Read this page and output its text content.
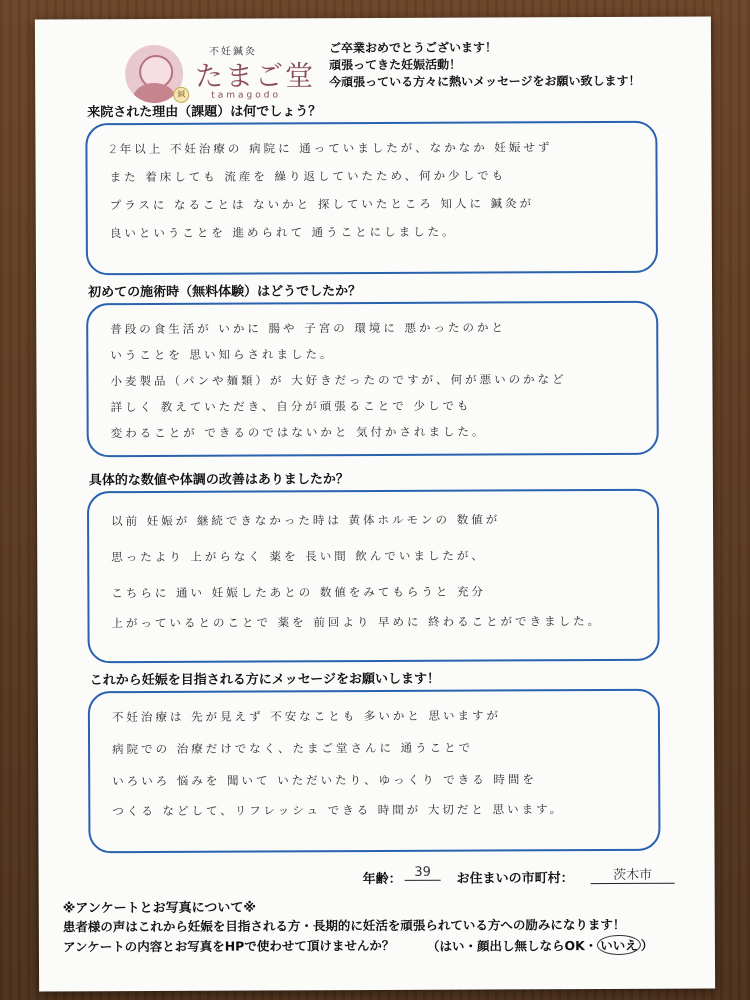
鍼
不妊鍼灸
たまご堂
tamagodo
ご卒業おめでとうございます！
頑張ってきた妊娠活動！
今頑張っている方々に熱いメッセージをお願い致します！
来院された理由（課題）は何でしょう？
2年以上 不妊治療の 病院に 通っていましたが、なかなか 妊娠せず
また 着床しても 流産を 繰り返していたため、何か少しでも
プラスに なることは ないかと 探していたところ 知人に 鍼灸が
良いということを 進められて 通うことにしました。
初めての施術時（無料体験）はどうでしたか？
普段の食生活が いかに 腸や 子宮の 環境に 悪かったのかと
いうことを 思い知らされました。
小麦製品（パンや麺類）が 大好きだったのですが、何が悪いのかなど
詳しく 教えていただき、自分が頑張ることで 少しでも
変わることが できるのではないかと 気付かされました。
具体的な数値や体調の改善はありましたか？
以前 妊娠が 継続できなかった時は 黄体ホルモンの 数値が
思ったより 上がらなく 薬を 長い間 飲んでいましたが、
こちらに 通い 妊娠したあとの 数値をみてもらうと 充分
上がっているとのことで 薬を 前回より 早めに 終わることができました。
これから妊娠を目指される方にメッセージをお願いします！
不妊治療は 先が見えず 不安なことも 多いかと 思いますが
病院での 治療だけでなく、たまご堂さんに 通うことで
いろいろ 悩みを 聞いて いただいたり、ゆっくり できる 時間を
つくる などして、リフレッシュ できる 時間が 大切だと 思います。
年齢： 39	お住まいの市町村：	茨木市
※アンケートとお写真について※
患者様の声はこれから妊娠を目指される方・長期的に妊活を頑張られている方への励みになります！
アンケートの内容とお写真をHPで使わせて頂けませんか？	（はい・顔出し無しならOK・ いいえ ）
